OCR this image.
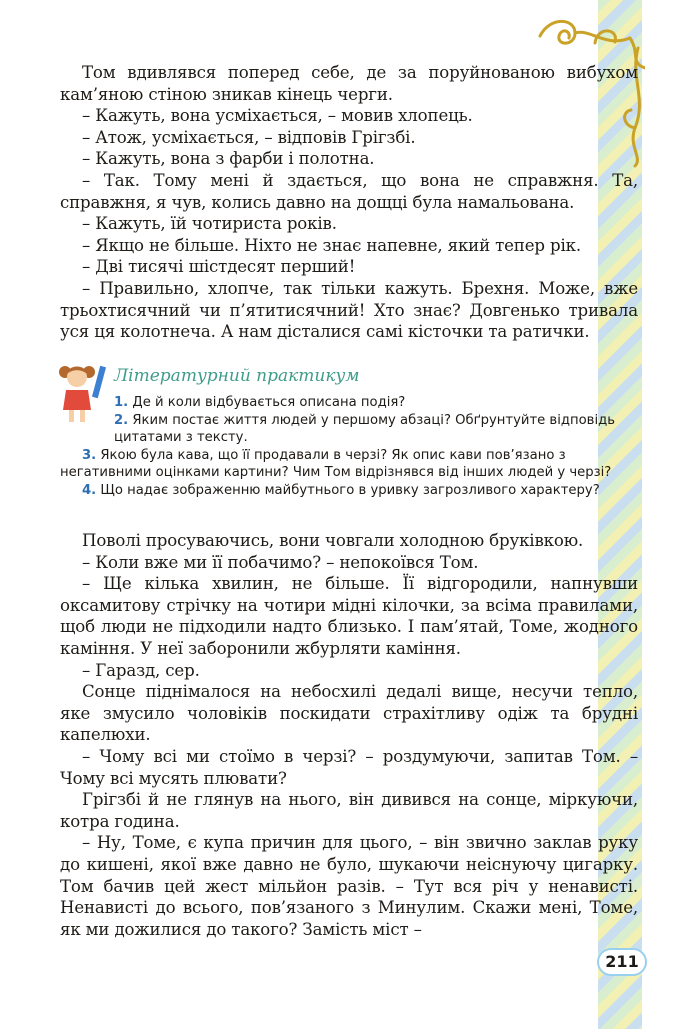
Том вдивлявся поперед себе, де за поруйнованою вибухом кам’яною стіною зникав кінець черги.

– Кажуть, вона усміхається, – мовив хлопець.

– Атож, усміхається, – відповів Грігзбі.

– Кажуть, вона з фарби і полотна.

– Так. Тому мені й здається, що вона не справжня. Та, справжня, я чув, колись давно на дощці була намальована.

– Кажуть, їй чотириста років.

– Якщо не більше. Ніхто не знає напевне, який тепер рік.

– Дві тисячі шістдесят перший!

– Правильно, хлопче, так тільки кажуть. Брехня. Може, вже трьохтисячний чи п’ятитисячний! Хто знає? Довгенько тривала уся ця колотнеча. А нам дісталися самі кісточки та ратички.

Літературний практикум

1. Де й коли відбувається описана подія?

2. Яким постає життя людей у першому абзаці? Обґрунтуйте відповідь цитатами з тексту.

3. Якою була кава, що її продавали в черзі? Як опис кави пов’язано з негативними оцінками картини? Чим Том відрізнявся від інших людей у черзі?

4. Що надає зображенню майбутнього в уривку загрозливого характеру?

Поволі просуваючись, вони човгали холодною бруківкою.

– Коли вже ми її побачимо? – непокоївся Том.

– Ще кілька хвилин, не більше. Її відгородили, напнувши оксамитову стрічку на чотири мідні кілочки, за всіма правилами, щоб люди не підходили надто близько. І пам’ятай, Томе, жодного каміння. У неї заборонили жбурляти каміння.

– Гаразд, сер.

Сонце піднімалося на небосхилі дедалі вище, несучи тепло, яке змусило чоловіків поскидати страхітливу одіж та брудні капелюхи.

– Чому всі ми стоїмо в черзі? – роздумуючи, запитав Том. – Чому всі мусять плювати?

Грігзбі й не глянув на нього, він дивився на сонце, міркуючи, котра година.

– Ну, Томе, є купа причин для цього, – він звично заклав руку до кишені, якої вже давно не було, шукаючи неіснуючу цигарку. Том бачив цей жест мільйон разів. – Тут вся річ у ненависті. Ненависті до всього, пов’язаного з Минулим. Скажи мені, Томе, як ми дожилися до такого? Замість міст –

211
